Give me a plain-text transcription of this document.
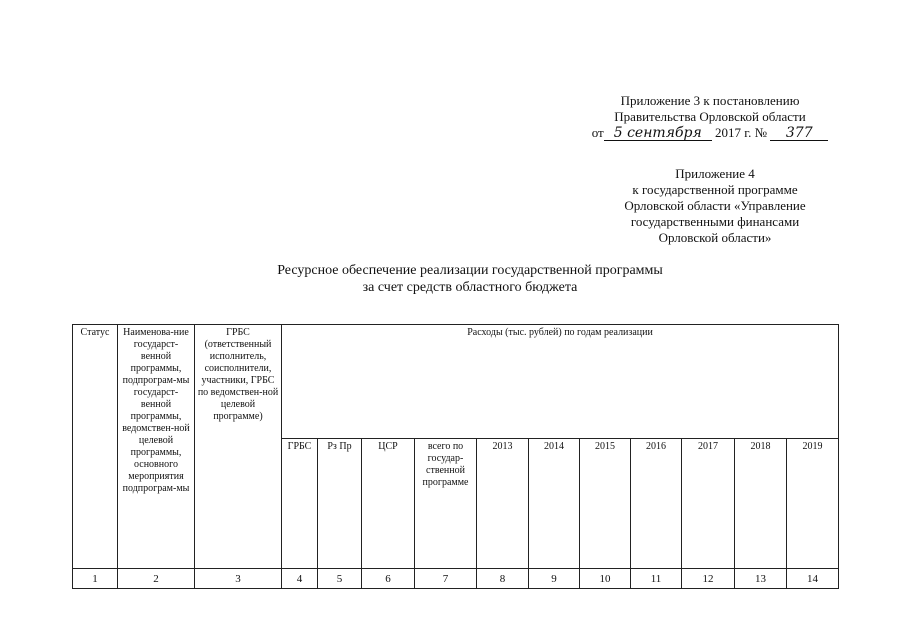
Приложение 3 к постановлению
Правительства Орловской области
от 5 сентября 2017 г. № 377
Приложение 4
к государственной программе
Орловской области «Управление
государственными финансами
Орловской области»
Ресурсное обеспечение реализации государственной программы
за счет средств областного бюджета
Статус	Наименова-ние государст-венной программы, подпрограм-мы государст-венной программы, ведомствен-ной целевой программы, основного мероприятия подпрограм-мы	ГРБС (ответственный исполнитель, соисполнители, участники, ГРБС по ведомствен-ной целевой программе)	Расходы (тыс. рублей) по годам реализации										
			ГРБС	Рз Пр	ЦСР	всего по государ-ственной программе	2013	2014	2015	2016	2017	2018	2019
1	2	3	4	5	6	7	8	9	10	11	12	13	14
